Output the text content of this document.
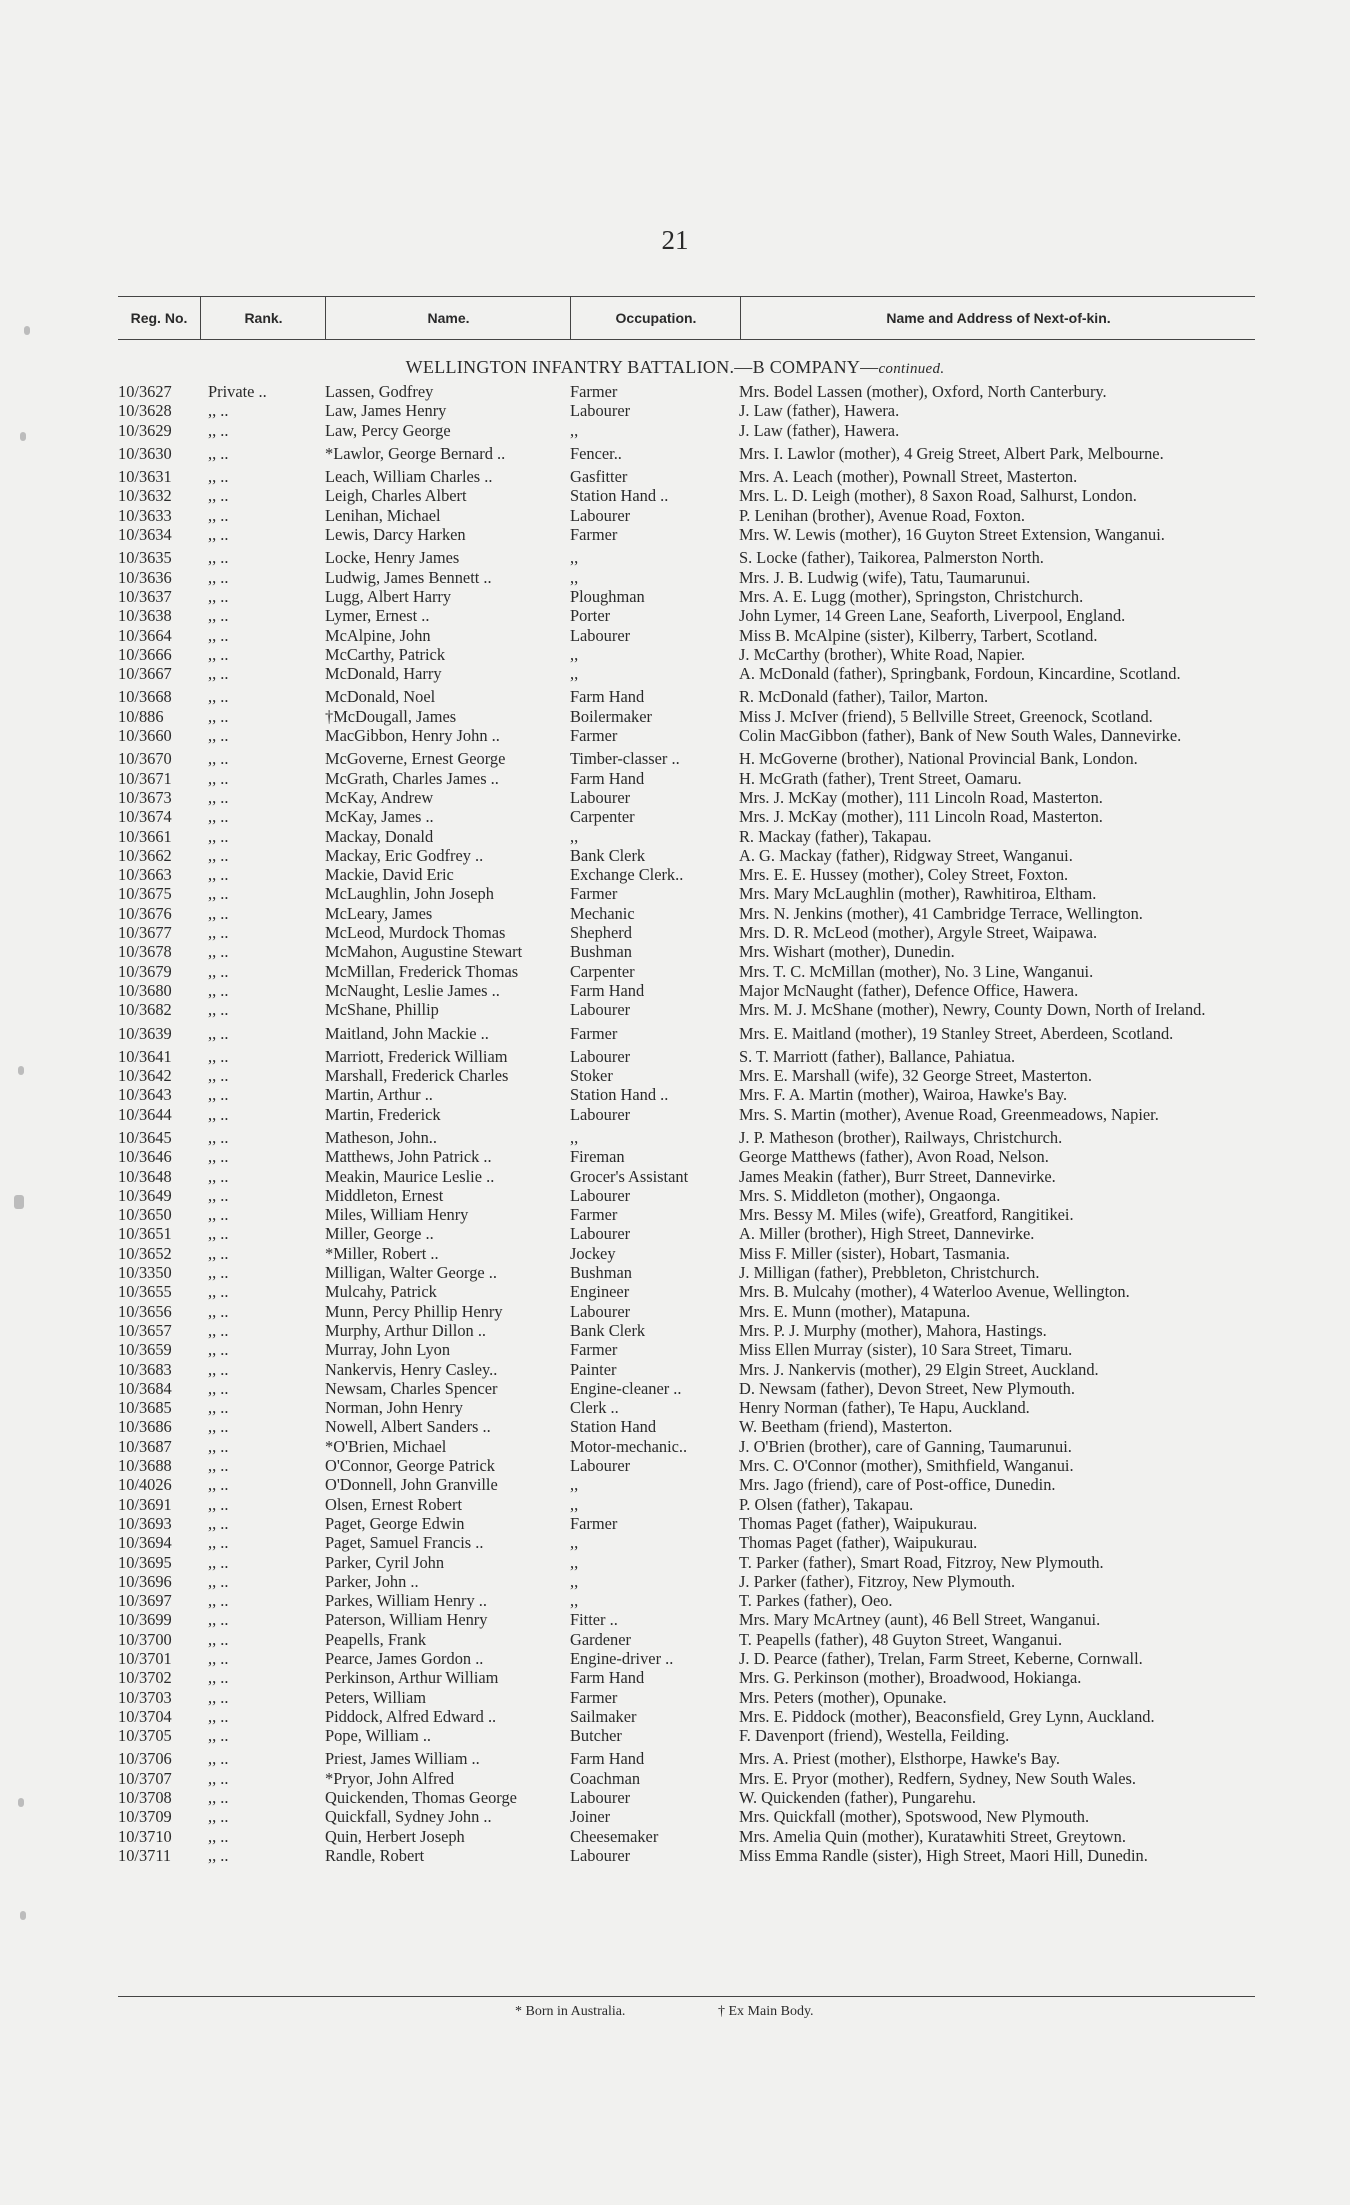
21
Reg. No.	Rank.	Name.	Occupation.	Name and Address of Next-of-kin.
WELLINGTON INFANTRY BATTALION.—B COMPANY—continued.
10/3627	Private ..	Lassen, Godfrey	Farmer	Mrs. Bodel Lassen (mother), Oxford, North Canterbury.
10/3628	,, ..	Law, James Henry	Labourer	J. Law (father), Hawera.
10/3629	,, ..	Law, Percy George	,,	J. Law (father), Hawera.
10/3630	,, ..	*Lawlor, George Bernard ..	Fencer..	Mrs. I. Lawlor (mother), 4 Greig Street, Albert Park, Melbourne.
10/3631	,, ..	Leach, William Charles ..	Gasfitter	Mrs. A. Leach (mother), Pownall Street, Masterton.
10/3632	,, ..	Leigh, Charles Albert	Station Hand ..	Mrs. L. D. Leigh (mother), 8 Saxon Road, Salhurst, London.
10/3633	,, ..	Lenihan, Michael	Labourer	P. Lenihan (brother), Avenue Road, Foxton.
10/3634	,, ..	Lewis, Darcy Harken	Farmer	Mrs. W. Lewis (mother), 16 Guyton Street Extension, Wanganui.
10/3635	,, ..	Locke, Henry James	,,	S. Locke (father), Taikorea, Palmerston North.
10/3636	,, ..	Ludwig, James Bennett ..	,,	Mrs. J. B. Ludwig (wife), Tatu, Taumarunui.
10/3637	,, ..	Lugg, Albert Harry	Ploughman	Mrs. A. E. Lugg (mother), Springston, Christchurch.
10/3638	,, ..	Lymer, Ernest ..	Porter	John Lymer, 14 Green Lane, Seaforth, Liverpool, England.
10/3664	,, ..	McAlpine, John	Labourer	Miss B. McAlpine (sister), Kilberry, Tarbert, Scotland.
10/3666	,, ..	McCarthy, Patrick	,,	J. McCarthy (brother), White Road, Napier.
10/3667	,, ..	McDonald, Harry	,,	A. McDonald (father), Springbank, Fordoun, Kincardine, Scotland.
10/3668	,, ..	McDonald, Noel	Farm Hand	R. McDonald (father), Tailor, Marton.
10/886	,, ..	†McDougall, James	Boilermaker	Miss J. McIver (friend), 5 Bellville Street, Greenock, Scotland.
10/3660	,, ..	MacGibbon, Henry John ..	Farmer	Colin MacGibbon (father), Bank of New South Wales, Dannevirke.
10/3670	,, ..	McGoverne, Ernest George	Timber-classer ..	H. McGoverne (brother), National Provincial Bank, London.
10/3671	,, ..	McGrath, Charles James ..	Farm Hand	H. McGrath (father), Trent Street, Oamaru.
10/3673	,, ..	McKay, Andrew	Labourer	Mrs. J. McKay (mother), 111 Lincoln Road, Masterton.
10/3674	,, ..	McKay, James ..	Carpenter	Mrs. J. McKay (mother), 111 Lincoln Road, Masterton.
10/3661	,, ..	Mackay, Donald	,,	R. Mackay (father), Takapau.
10/3662	,, ..	Mackay, Eric Godfrey ..	Bank Clerk	A. G. Mackay (father), Ridgway Street, Wanganui.
10/3663	,, ..	Mackie, David Eric	Exchange Clerk..	Mrs. E. E. Hussey (mother), Coley Street, Foxton.
10/3675	,, ..	McLaughlin, John Joseph	Farmer	Mrs. Mary McLaughlin (mother), Rawhitiroa, Eltham.
10/3676	,, ..	McLeary, James	Mechanic	Mrs. N. Jenkins (mother), 41 Cambridge Terrace, Wellington.
10/3677	,, ..	McLeod, Murdock Thomas	Shepherd	Mrs. D. R. McLeod (mother), Argyle Street, Waipawa.
10/3678	,, ..	McMahon, Augustine Stewart	Bushman	Mrs. Wishart (mother), Dunedin.
10/3679	,, ..	McMillan, Frederick Thomas	Carpenter	Mrs. T. C. McMillan (mother), No. 3 Line, Wanganui.
10/3680	,, ..	McNaught, Leslie James ..	Farm Hand	Major McNaught (father), Defence Office, Hawera.
10/3682	,, ..	McShane, Phillip	Labourer	Mrs. M. J. McShane (mother), Newry, County Down, North of Ireland.
10/3639	,, ..	Maitland, John Mackie ..	Farmer	Mrs. E. Maitland (mother), 19 Stanley Street, Aberdeen, Scotland.
10/3641	,, ..	Marriott, Frederick William	Labourer	S. T. Marriott (father), Ballance, Pahiatua.
10/3642	,, ..	Marshall, Frederick Charles	Stoker	Mrs. E. Marshall (wife), 32 George Street, Masterton.
10/3643	,, ..	Martin, Arthur ..	Station Hand ..	Mrs. F. A. Martin (mother), Wairoa, Hawke's Bay.
10/3644	,, ..	Martin, Frederick	Labourer	Mrs. S. Martin (mother), Avenue Road, Greenmeadows, Napier.
10/3645	,, ..	Matheson, John..	,,	J. P. Matheson (brother), Railways, Christchurch.
10/3646	,, ..	Matthews, John Patrick ..	Fireman	George Matthews (father), Avon Road, Nelson.
10/3648	,, ..	Meakin, Maurice Leslie ..	Grocer's Assistant	James Meakin (father), Burr Street, Dannevirke.
10/3649	,, ..	Middleton, Ernest	Labourer	Mrs. S. Middleton (mother), Ongaonga.
10/3650	,, ..	Miles, William Henry	Farmer	Mrs. Bessy M. Miles (wife), Greatford, Rangitikei.
10/3651	,, ..	Miller, George ..	Labourer	A. Miller (brother), High Street, Dannevirke.
10/3652	,, ..	*Miller, Robert ..	Jockey	Miss F. Miller (sister), Hobart, Tasmania.
10/3350	,, ..	Milligan, Walter George ..	Bushman	J. Milligan (father), Prebbleton, Christchurch.
10/3655	,, ..	Mulcahy, Patrick	Engineer	Mrs. B. Mulcahy (mother), 4 Waterloo Avenue, Wellington.
10/3656	,, ..	Munn, Percy Phillip Henry	Labourer	Mrs. E. Munn (mother), Matapuna.
10/3657	,, ..	Murphy, Arthur Dillon ..	Bank Clerk	Mrs. P. J. Murphy (mother), Mahora, Hastings.
10/3659	,, ..	Murray, John Lyon	Farmer	Miss Ellen Murray (sister), 10 Sara Street, Timaru.
10/3683	,, ..	Nankervis, Henry Casley..	Painter	Mrs. J. Nankervis (mother), 29 Elgin Street, Auckland.
10/3684	,, ..	Newsam, Charles Spencer	Engine-cleaner ..	D. Newsam (father), Devon Street, New Plymouth.
10/3685	,, ..	Norman, John Henry	Clerk ..	Henry Norman (father), Te Hapu, Auckland.
10/3686	,, ..	Nowell, Albert Sanders ..	Station Hand	W. Beetham (friend), Masterton.
10/3687	,, ..	*O'Brien, Michael	Motor-mechanic..	J. O'Brien (brother), care of Ganning, Taumarunui.
10/3688	,, ..	O'Connor, George Patrick	Labourer	Mrs. C. O'Connor (mother), Smithfield, Wanganui.
10/4026	,, ..	O'Donnell, John Granville	,,	Mrs. Jago (friend), care of Post-office, Dunedin.
10/3691	,, ..	Olsen, Ernest Robert	,,	P. Olsen (father), Takapau.
10/3693	,, ..	Paget, George Edwin	Farmer	Thomas Paget (father), Waipukurau.
10/3694	,, ..	Paget, Samuel Francis ..	,,	Thomas Paget (father), Waipukurau.
10/3695	,, ..	Parker, Cyril John	,,	T. Parker (father), Smart Road, Fitzroy, New Plymouth.
10/3696	,, ..	Parker, John ..	,,	J. Parker (father), Fitzroy, New Plymouth.
10/3697	,, ..	Parkes, William Henry ..	,,	T. Parkes (father), Oeo.
10/3699	,, ..	Paterson, William Henry	Fitter ..	Mrs. Mary McArtney (aunt), 46 Bell Street, Wanganui.
10/3700	,, ..	Peapells, Frank	Gardener	T. Peapells (father), 48 Guyton Street, Wanganui.
10/3701	,, ..	Pearce, James Gordon ..	Engine-driver ..	J. D. Pearce (father), Trelan, Farm Street, Keberne, Cornwall.
10/3702	,, ..	Perkinson, Arthur William	Farm Hand	Mrs. G. Perkinson (mother), Broadwood, Hokianga.
10/3703	,, ..	Peters, William	Farmer	Mrs. Peters (mother), Opunake.
10/3704	,, ..	Piddock, Alfred Edward ..	Sailmaker	Mrs. E. Piddock (mother), Beaconsfield, Grey Lynn, Auckland.
10/3705	,, ..	Pope, William ..	Butcher	F. Davenport (friend), Westella, Feilding.
10/3706	,, ..	Priest, James William ..	Farm Hand	Mrs. A. Priest (mother), Elsthorpe, Hawke's Bay.
10/3707	,, ..	*Pryor, John Alfred	Coachman	Mrs. E. Pryor (mother), Redfern, Sydney, New South Wales.
10/3708	,, ..	Quickenden, Thomas George	Labourer	W. Quickenden (father), Pungarehu.
10/3709	,, ..	Quickfall, Sydney John ..	Joiner	Mrs. Quickfall (mother), Spotswood, New Plymouth.
10/3710	,, ..	Quin, Herbert Joseph	Cheesemaker	Mrs. Amelia Quin (mother), Kuratawhiti Street, Greytown.
10/3711	,, ..	Randle, Robert	Labourer	Miss Emma Randle (sister), High Street, Maori Hill, Dunedin.
* Born in Australia.	† Ex Main Body.
